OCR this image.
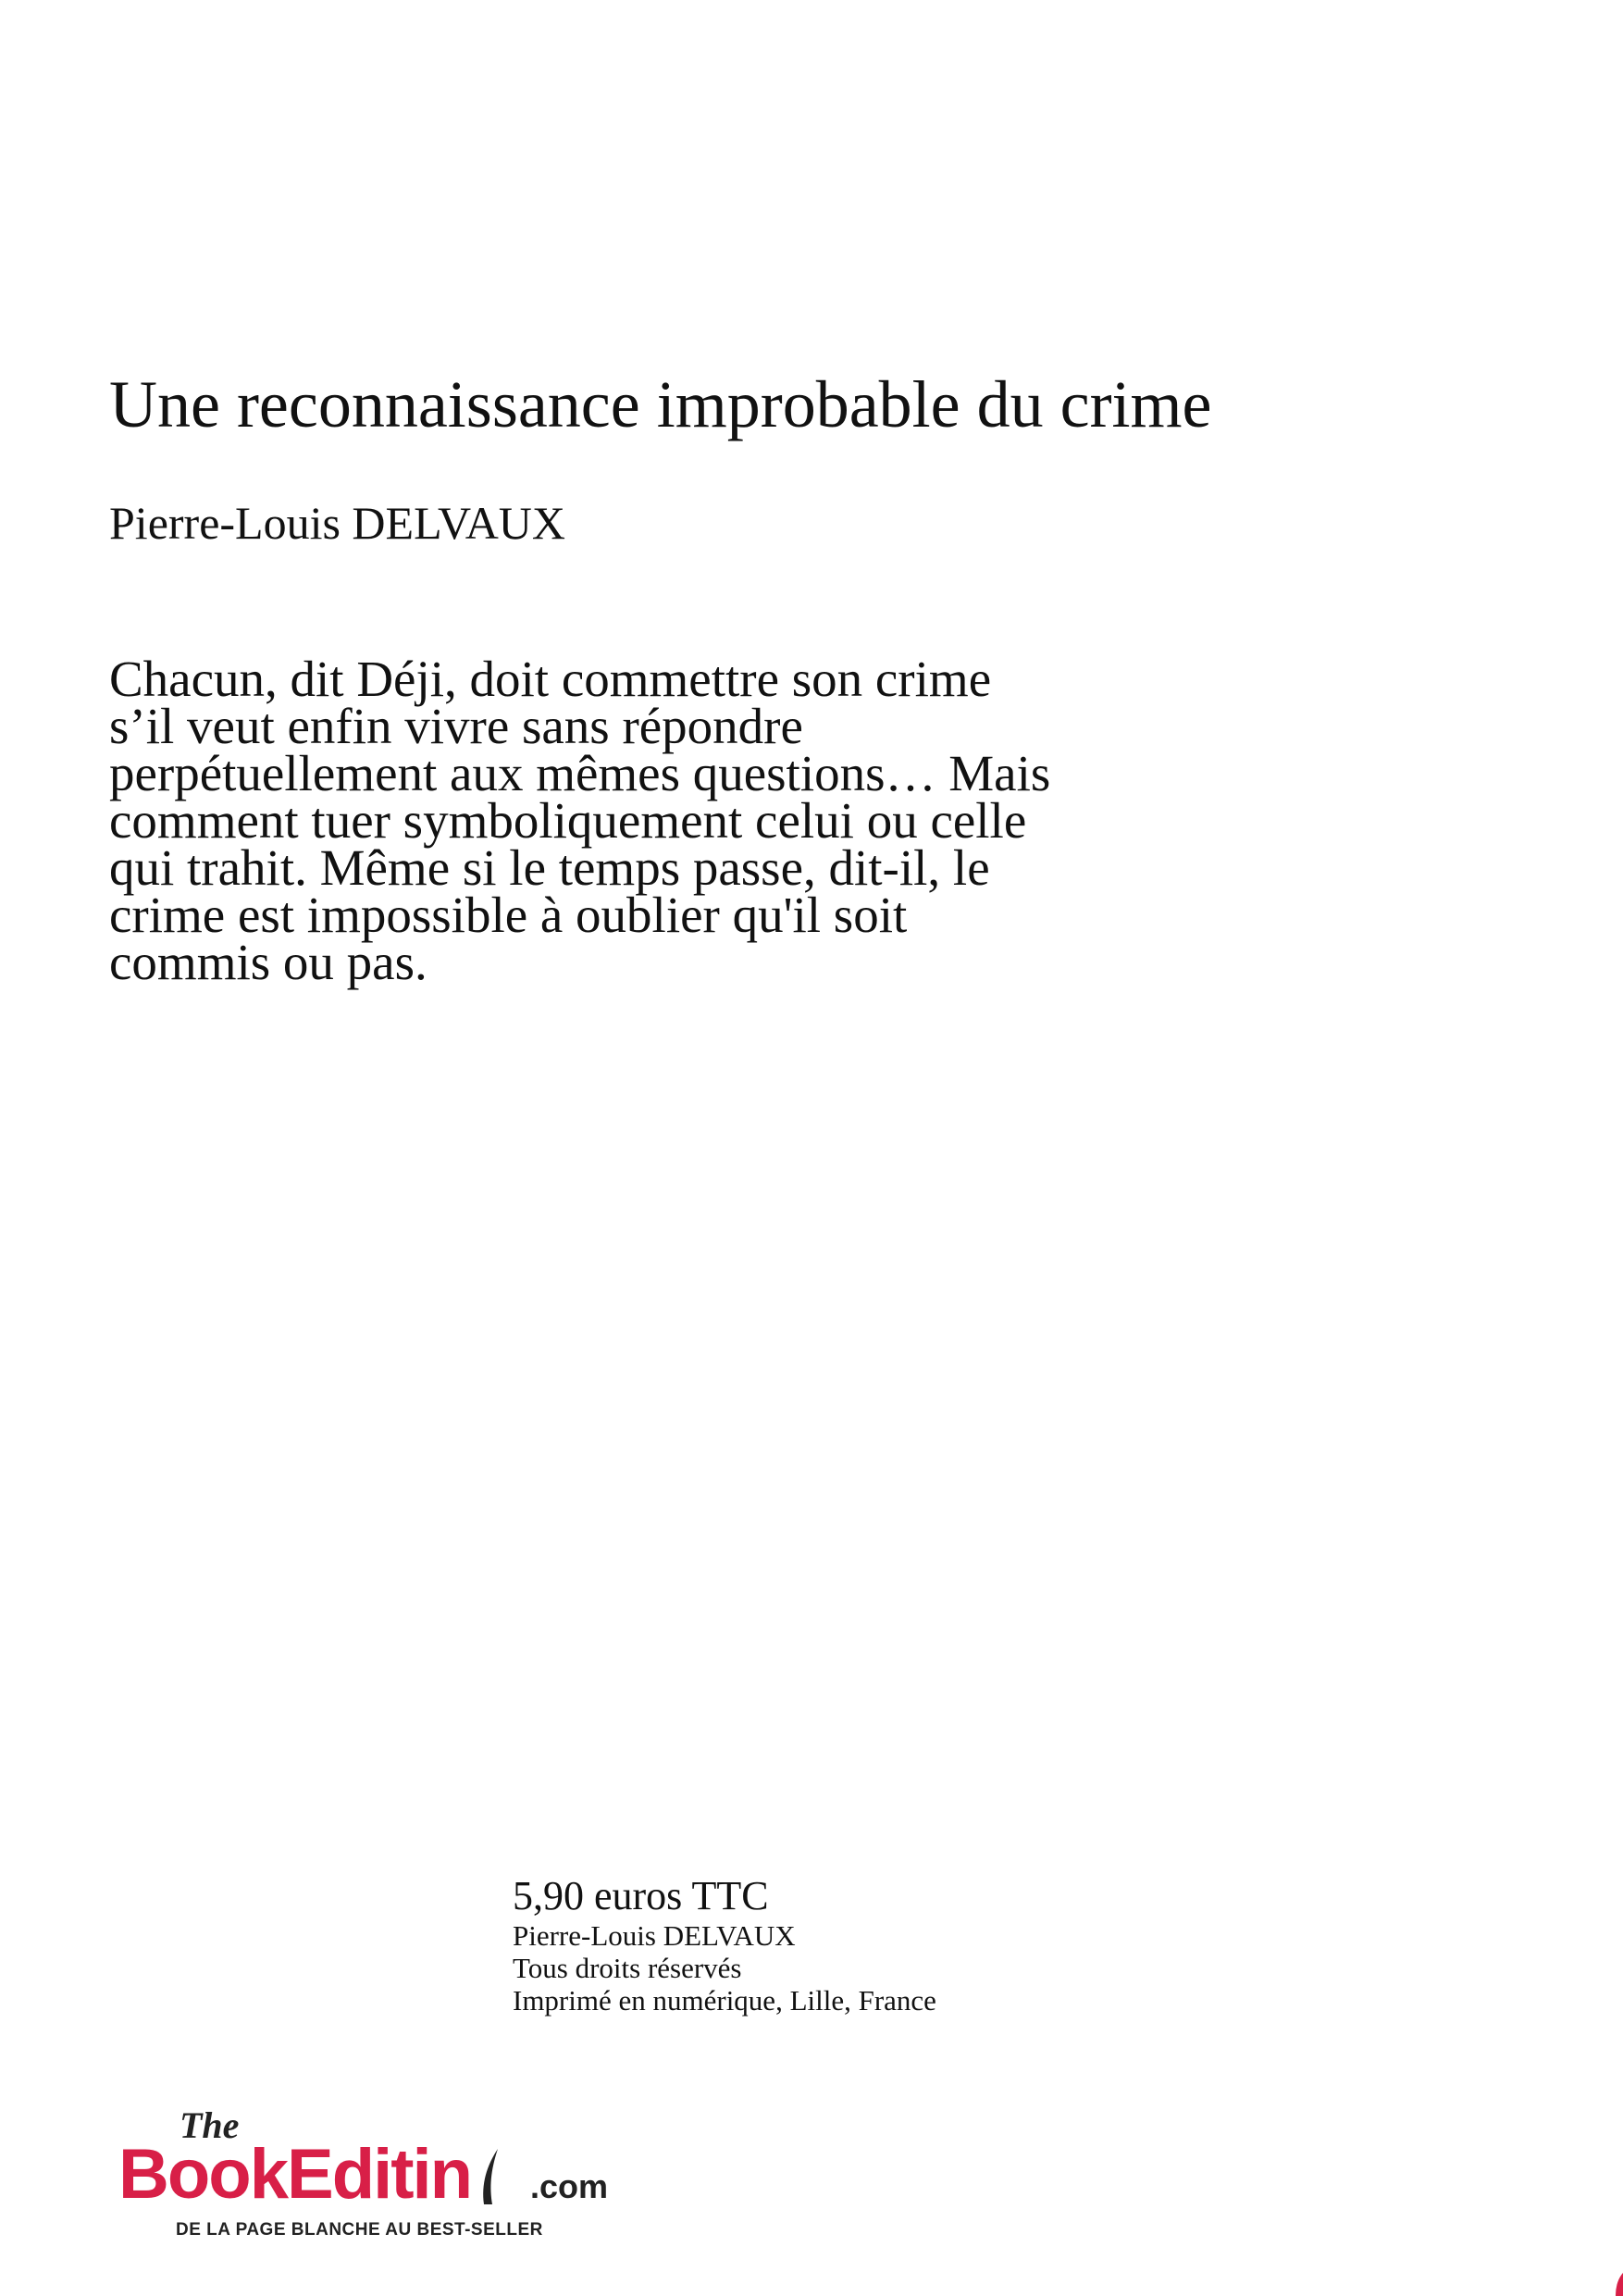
Une reconnaissance improbable du crime
Pierre-Louis DELVAUX
Chacun, dit Déji, doit commettre son crime
s’il veut enfin vivre sans répondre
perpétuellement aux mêmes questions… Mais
comment tuer symboliquement celui ou celle
qui trahit. Même si le temps passe, dit-il, le
crime est impossible à oublier qu'il soit
commis ou pas.
5,90 euros TTC
Pierre-Louis DELVAUX
Tous droits réservés
Imprimé en numérique, Lille, France
The
BookEditin .com
DE LA PAGE BLANCHE AU BEST-SELLER
